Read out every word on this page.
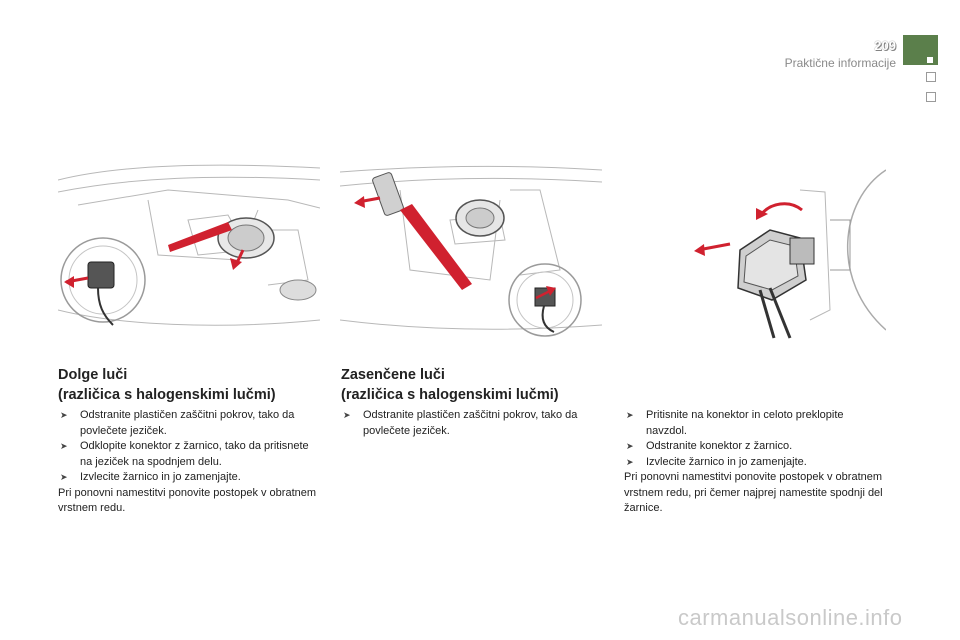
209
Praktične informacije
Dolge luči
(različica s halogenskimi lučmi)
➤ Odstranite plastičen zaščitni pokrov, tako da povlečete jeziček.
➤ Odklopite konektor z žarnico, tako da pritisnete na jeziček na spodnjem delu.
➤ Izvlecite žarnico in jo zamenjajte.

Pri ponovni namestitvi ponovite postopek v obratnem vrstnem redu.

Zasenčene luči
(različica s halogenskimi lučmi)
➤ Odstranite plastičen zaščitni pokrov, tako da povlečete jeziček.
➤ Pritisnite na konektor in celoto preklopite navzdol.
➤ Odstranite konektor z žarnico.
➤ Izvlecite žarnico in jo zamenjajte.

Pri ponovni namestitvi ponovite postopek v obratnem vrstnem redu, pri čemer najprej namestite spodnji del žarnice.

carmanualsonline.info
